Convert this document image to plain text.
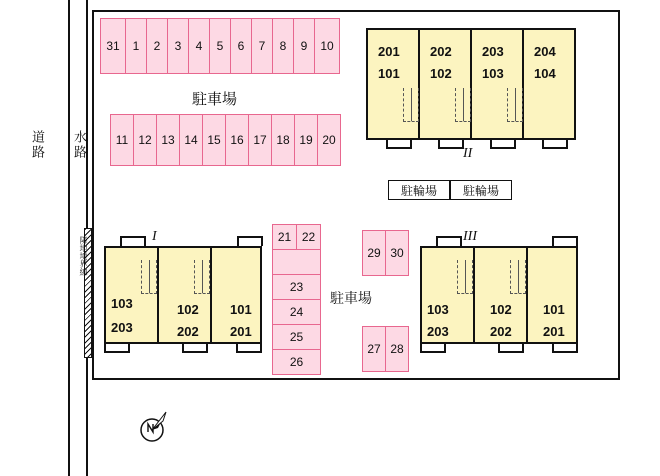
道路 水路
隣地境界線
31	1	2	3	4	5	6	7	8	9	10
駐車場
11 12 13 14 15 16 17 18 19 20
201 202 203 204
101 102 103 104
II
駐輪場	駐輪場
103	102 101
203	202 201
I	21 22
23
24
25
26
駐車場
29 30
27 28
103	102 101
203	202 201
III
